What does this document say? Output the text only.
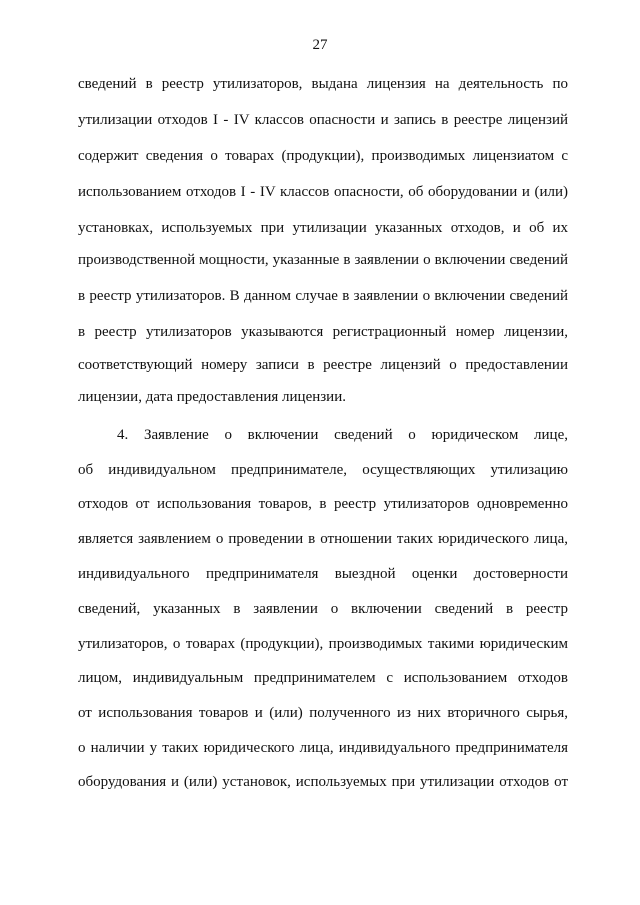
27
сведений в реестр утилизаторов, выдана лицензия на деятельность по
утилизации отходов I - IV классов опасности и запись в реестре лицензий
содержит сведения о товарах (продукции), производимых лицензиатом с
использованием отходов I - IV классов опасности, об оборудовании и (или)
установках, используемых при утилизации указанных отходов, и об их
производственной мощности, указанные в заявлении о включении сведений
в реестр утилизаторов. В данном случае в заявлении о включении сведений
в реестр утилизаторов указываются регистрационный номер лицензии,
соответствующий номеру записи в реестре лицензий о предоставлении
лицензии, дата предоставления лицензии.
4. Заявление о включении сведений о юридическом лице,
об индивидуальном предпринимателе, осуществляющих утилизацию
отходов от использования товаров, в реестр утилизаторов одновременно
является заявлением о проведении в отношении таких юридического лица,
индивидуального предпринимателя выездной оценки достоверности
сведений, указанных в заявлении о включении сведений в реестр
утилизаторов, о товарах (продукции), производимых такими юридическим
лицом, индивидуальным предпринимателем с использованием отходов
от использования товаров и (или) полученного из них вторичного сырья,
о наличии у таких юридического лица, индивидуального предпринимателя
оборудования и (или) установок, используемых при утилизации отходов от
